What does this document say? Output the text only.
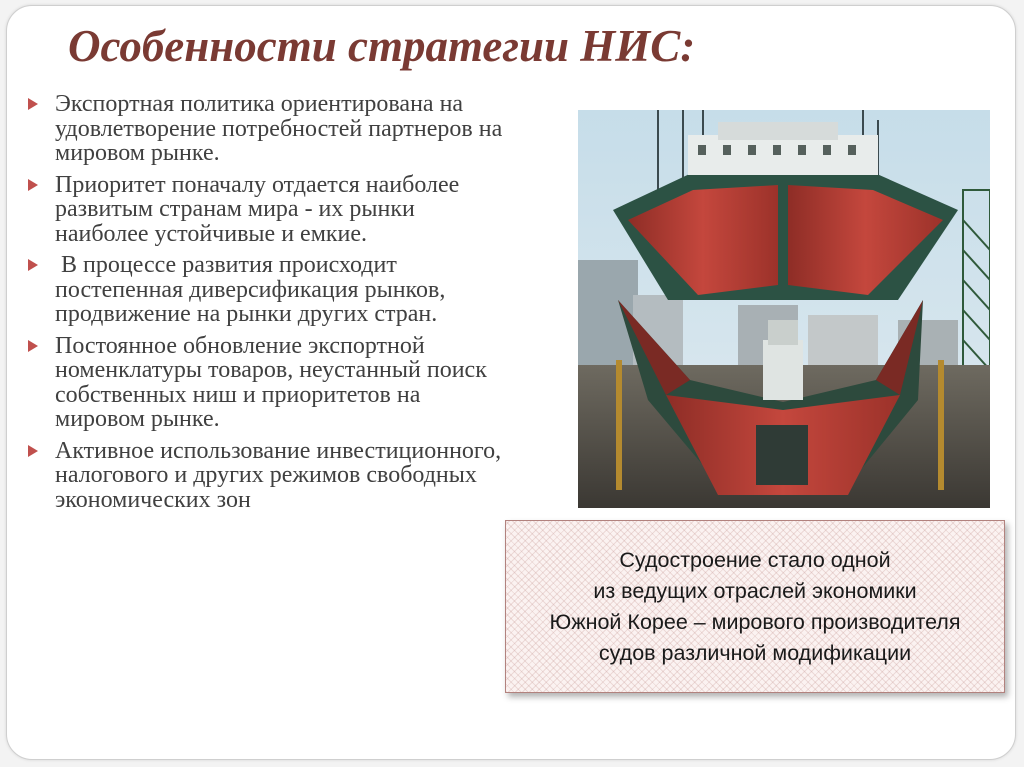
Особенности стратегии НИС:
Экспортная политика ориентирована на удовлетворение потребностей партнеров на мировом рынке.
Приоритет поначалу отдается наиболее развитым странам мира - их рынки наиболее устойчивые и емкие.
В процессе развития происходит постепенная диверсификация рынков, продвижение на рынки других стран.
Постоянное обновление экспортной номенклатуры товаров, неустанный поиск собственных ниш и приоритетов на мировом рынке.
Активное использование инвестиционного, налогового и других режимов свободных экономических зон
Судостроение стало одной
из ведущих отраслей экономики
Южной Корее – мирового производителя
судов различной модификации
